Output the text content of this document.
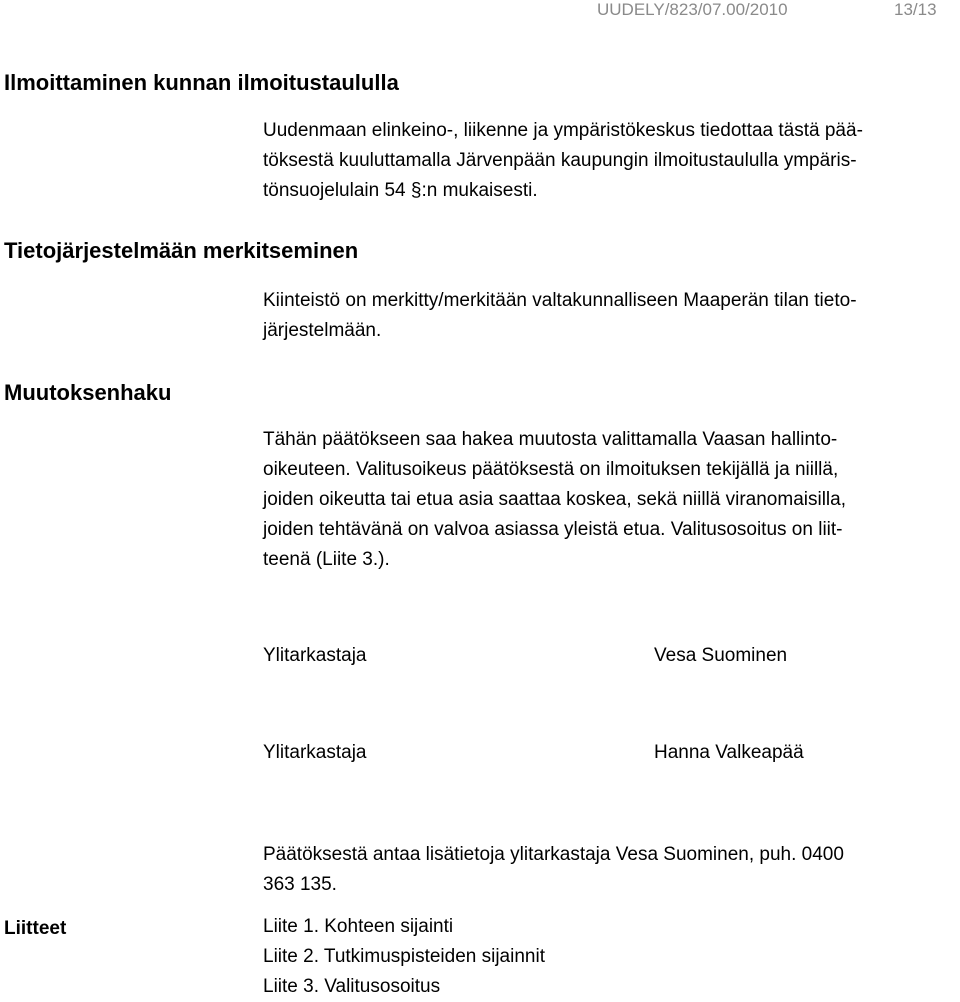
UUDELY/823/07.00/2010	13/13
Ilmoittaminen kunnan ilmoitustaululla
Uudenmaan elinkeino-, liikenne ja ympäristökeskus tiedottaa tästä pää-
töksestä kuuluttamalla Järvenpään kaupungin ilmoitustaululla ympäris-
tönsuojelulain 54 §:n mukaisesti.
Tietojärjestelmään merkitseminen
Kiinteistö on merkitty/merkitään valtakunnalliseen Maaperän tilan tieto-
järjestelmään.
Muutoksenhaku
Tähän päätökseen saa hakea muutosta valittamalla Vaasan hallinto-
oikeuteen. Valitusoikeus päätöksestä on ilmoituksen tekijällä ja niillä,
joiden oikeutta tai etua asia saattaa koskea, sekä niillä viranomaisilla,
joiden tehtävänä on valvoa asiassa yleistä etua. Valitusosoitus on liit-
teenä (Liite 3.).
Ylitarkastaja	Vesa Suominen
Ylitarkastaja	Hanna Valkeapää
Päätöksestä antaa lisätietoja ylitarkastaja Vesa Suominen, puh. 0400
363 135.
Liitteet	Liite 1. Kohteen sijainti
Liite 2. Tutkimuspisteiden sijainnit
Liite 3. Valitusosoitus
